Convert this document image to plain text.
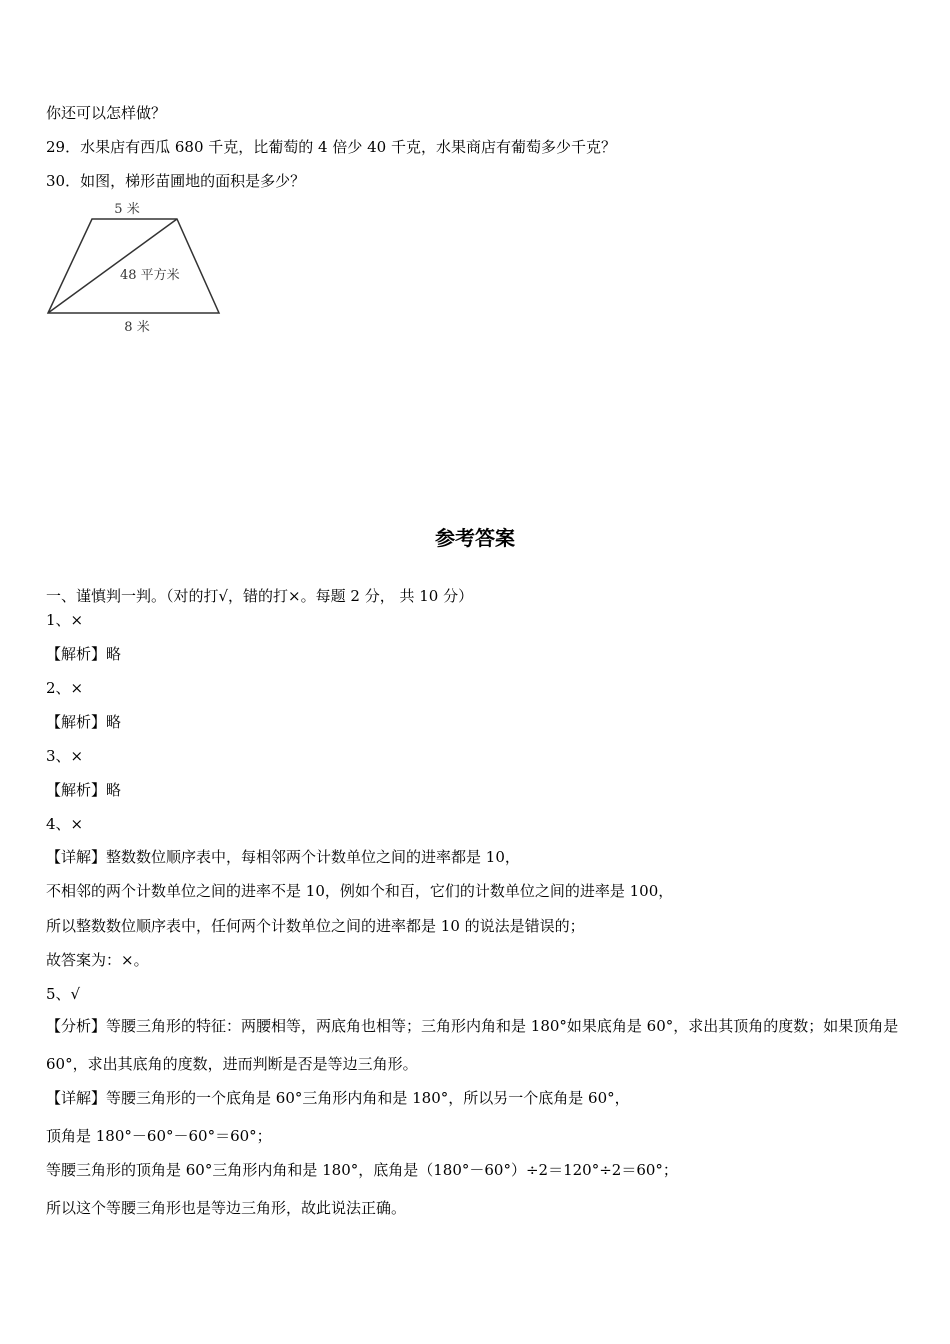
你还可以怎样做？
29．水果店有西瓜 680 千克，比葡萄的 4 倍少 40 千克，水果商店有葡萄多少千克？
30．如图，梯形苗圃地的面积是多少？
5 米
48 平方米
8 米
参考答案
一、谨慎判一判。（对的打√，错的打×。每题 2 分， 共 10 分）
1、×
【解析】略
2、×
【解析】略
3、×
【解析】略
4、×
【详解】整数数位顺序表中，每相邻两个计数单位之间的进率都是 10，
不相邻的两个计数单位之间的进率不是 10，例如个和百，它们的计数单位之间的进率是 100，
所以整数数位顺序表中，任何两个计数单位之间的进率都是 10 的说法是错误的；
故答案为：×。
5、√
【分析】等腰三角形的特征：两腰相等，两底角也相等；三角形内角和是 180°如果底角是 60°，求出其顶角的度数；如果顶角是 60°，求出其底角的度数，进而判断是否是等边三角形。
【详解】等腰三角形的一个底角是 60°三角形内角和是 180°，所以另一个底角是 60°，
顶角是 180°－60°－60°＝60°；
等腰三角形的顶角是 60°三角形内角和是 180°，底角是（180°－60°）÷2＝120°÷2＝60°；
所以这个等腰三角形也是等边三角形，故此说法正确。
